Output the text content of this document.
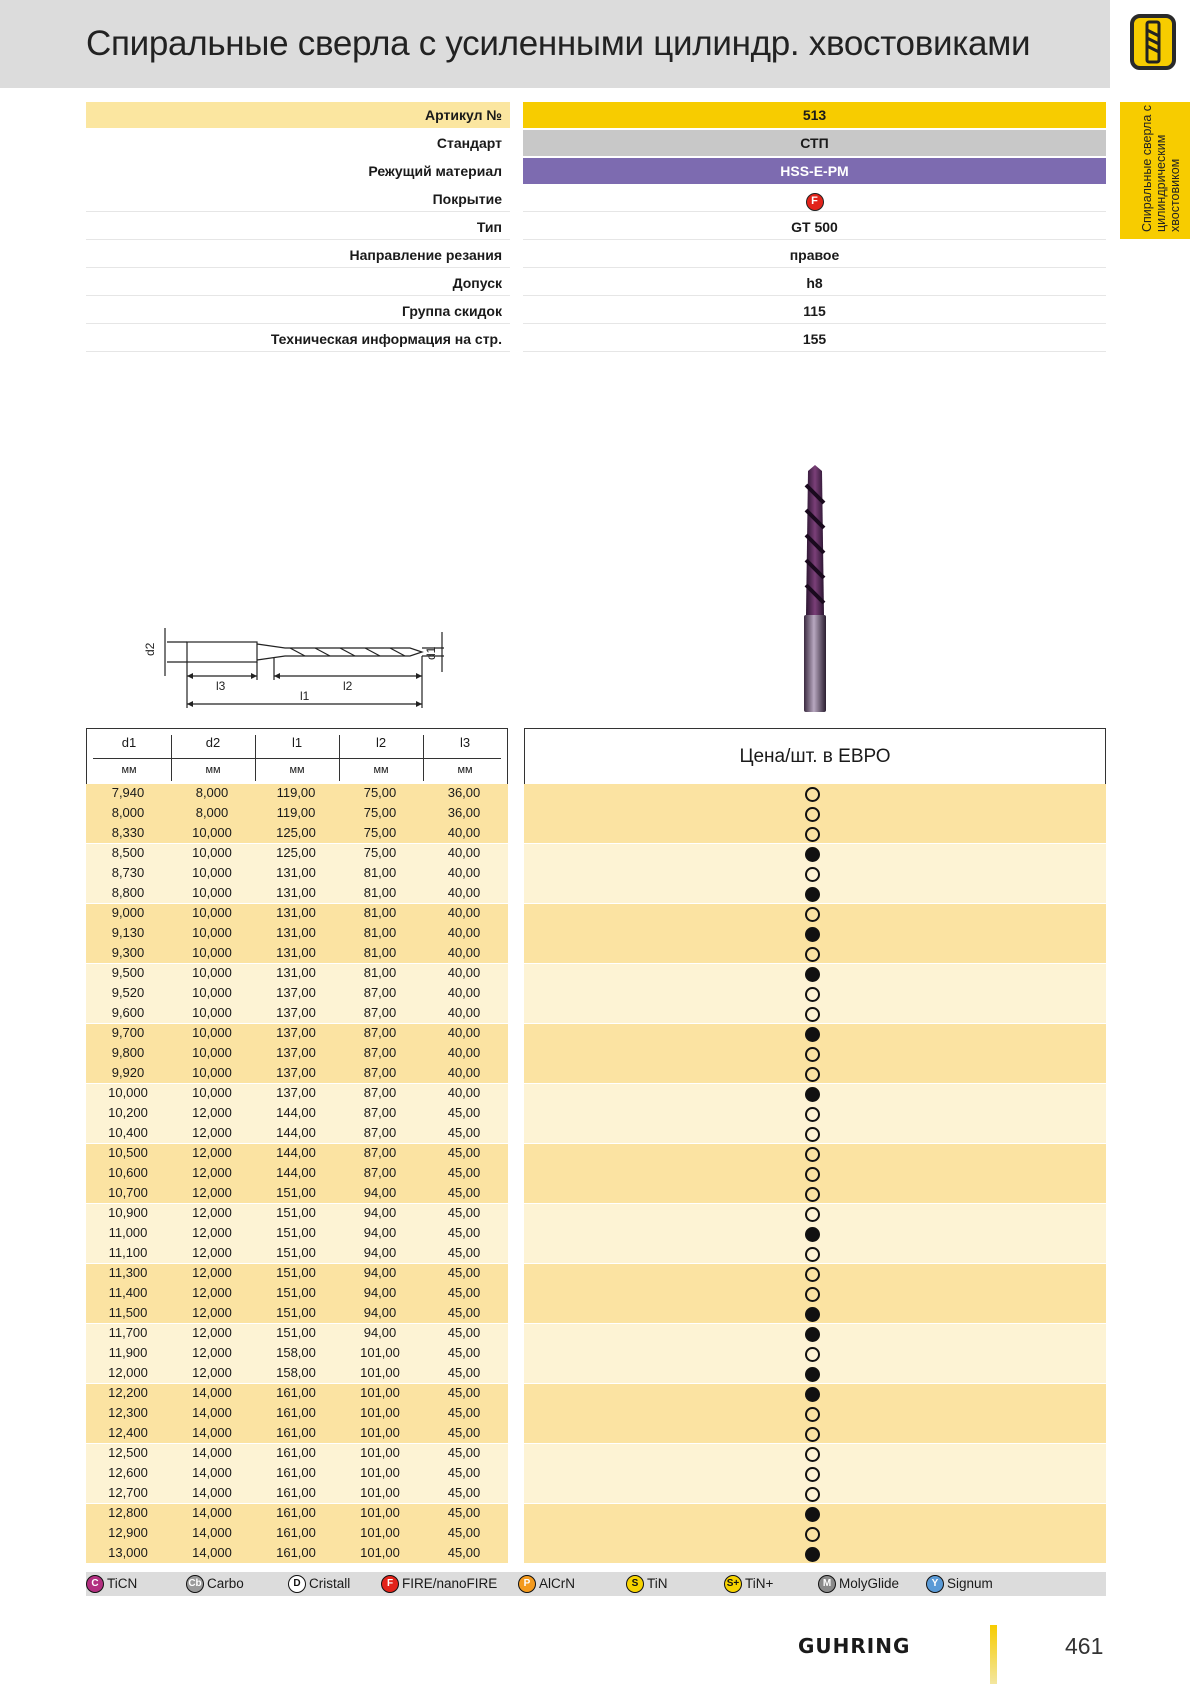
Спиральные сверла с усиленными цилиндр. хвостовиками
Спиральные сверла с цилиндрическим хвостовиком
Артикул №	513
Стандарт	СТП
Режущий материал	HSS-E-PM
Покрытие	F
Тип	GT 500
Направление резания	правое
Допуск	h8
Группа скидок	115
Техническая информация на стр.	155
d2	d1
l3	l2
l1
d1
мм
d2
мм
l1
мм
l2
мм
l3
мм
Цена/шт. в ЕВРО
7,940	8,000	119,00	75,00	36,00
8,000	8,000	119,00	75,00	36,00
8,330	10,000	125,00	75,00	40,00
8,500	10,000	125,00	75,00	40,00
8,730	10,000	131,00	81,00	40,00
8,800	10,000	131,00	81,00	40,00
9,000	10,000	131,00	81,00	40,00
9,130	10,000	131,00	81,00	40,00
9,300	10,000	131,00	81,00	40,00
9,500	10,000	131,00	81,00	40,00
9,520	10,000	137,00	87,00	40,00
9,600	10,000	137,00	87,00	40,00
9,700	10,000	137,00	87,00	40,00
9,800	10,000	137,00	87,00	40,00
9,920	10,000	137,00	87,00	40,00
10,000	10,000	137,00	87,00	40,00
10,200	12,000	144,00	87,00	45,00
10,400	12,000	144,00	87,00	45,00
10,500	12,000	144,00	87,00	45,00
10,600	12,000	144,00	87,00	45,00
10,700	12,000	151,00	94,00	45,00
10,900	12,000	151,00	94,00	45,00
11,000	12,000	151,00	94,00	45,00
11,100	12,000	151,00	94,00	45,00
11,300	12,000	151,00	94,00	45,00
11,400	12,000	151,00	94,00	45,00
11,500	12,000	151,00	94,00	45,00
11,700	12,000	151,00	94,00	45,00
11,900	12,000	158,00	101,00	45,00
12,000	12,000	158,00	101,00	45,00
12,200	14,000	161,00	101,00	45,00
12,300	14,000	161,00	101,00	45,00
12,400	14,000	161,00	101,00	45,00
12,500	14,000	161,00	101,00	45,00
12,600	14,000	161,00	101,00	45,00
12,700	14,000	161,00	101,00	45,00
12,800	14,000	161,00	101,00	45,00
12,900	14,000	161,00	101,00	45,00
13,000	14,000	161,00	101,00	45,00
C TiCN	Cb Carbo	D Cristall	F FIRE/nanoFIRE	P AlCrN	S TiN	S+ TiN+	M MolyGlide	Y Signum
GUHRING	461
